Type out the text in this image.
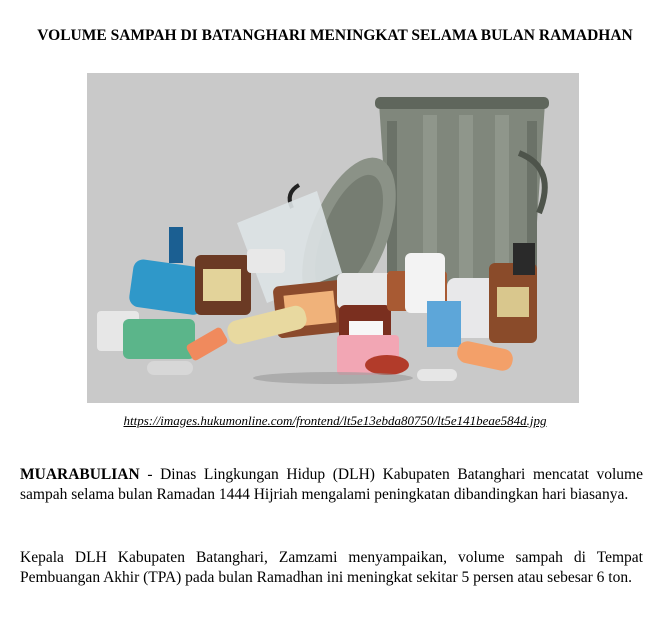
VOLUME SAMPAH DI BATANGHARI MENINGKAT SELAMA BULAN RAMADHAN
https://images.hukumonline.com/frontend/lt5e13ebda80750/lt5e141beae584d.jpg

MUARABULIAN - Dinas Lingkungan Hidup (DLH) Kabupaten Batanghari mencatat volume sampah selama bulan Ramadan 1444 Hijriah mengalami peningkatan dibandingkan hari biasanya.

Kepala DLH Kabupaten Batanghari, Zamzami menyampaikan, volume sampah di Tempat Pembuangan Akhir (TPA) pada bulan Ramadhan ini meningkat sekitar 5 persen atau sebesar 6 ton.
